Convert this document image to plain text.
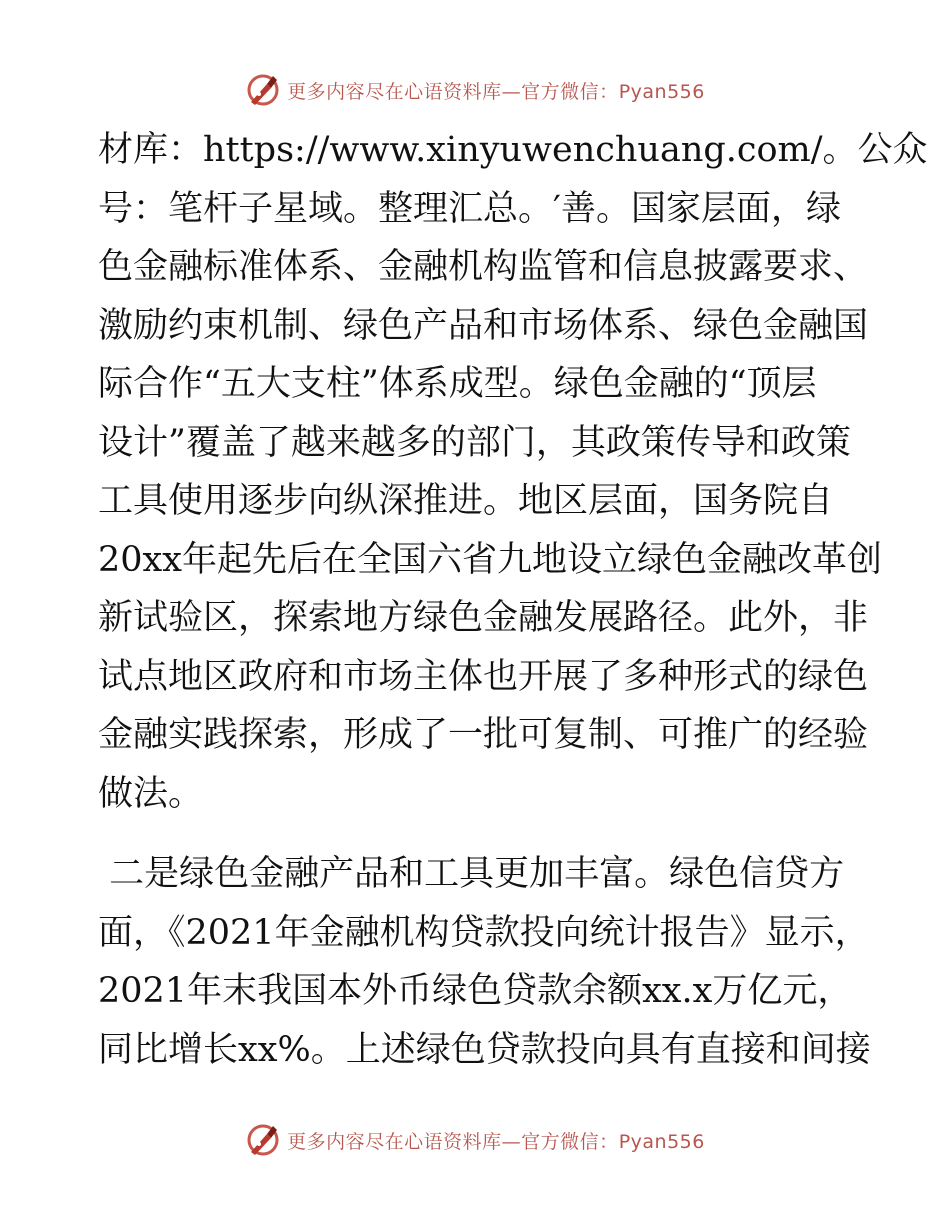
更多内容尽在心语资料库—官方微信：Pyan556
材库：https://www.xinyuwenchuang.com/。公众
号：笔杆子星域。整理汇总。′善。国家层面，绿
色金融标准体系、金融机构监管和信息披露要求、
激励约束机制、绿色产品和市场体系、绿色金融国
际合作“五大支柱”体系成型。绿色金融的“顶层
设计”覆盖了越来越多的部门，其政策传导和政策
工具使用逐步向纵深推进。地区层面，国务院自
20xx年起先后在全国六省九地设立绿色金融改革创
新试验区，探索地方绿色金融发展路径。此外，非
试点地区政府和市场主体也开展了多种形式的绿色
金融实践探索，形成了一批可复制、可推广的经验
做法。
二是绿色金融产品和工具更加丰富。绿色信贷方
面，《2021年金融机构贷款投向统计报告》显示，
2021年末我国本外币绿色贷款余额xx.x万亿元，
同比增长xx%。上述绿色贷款投向具有直接和间接
更多内容尽在心语资料库—官方微信：Pyan556
